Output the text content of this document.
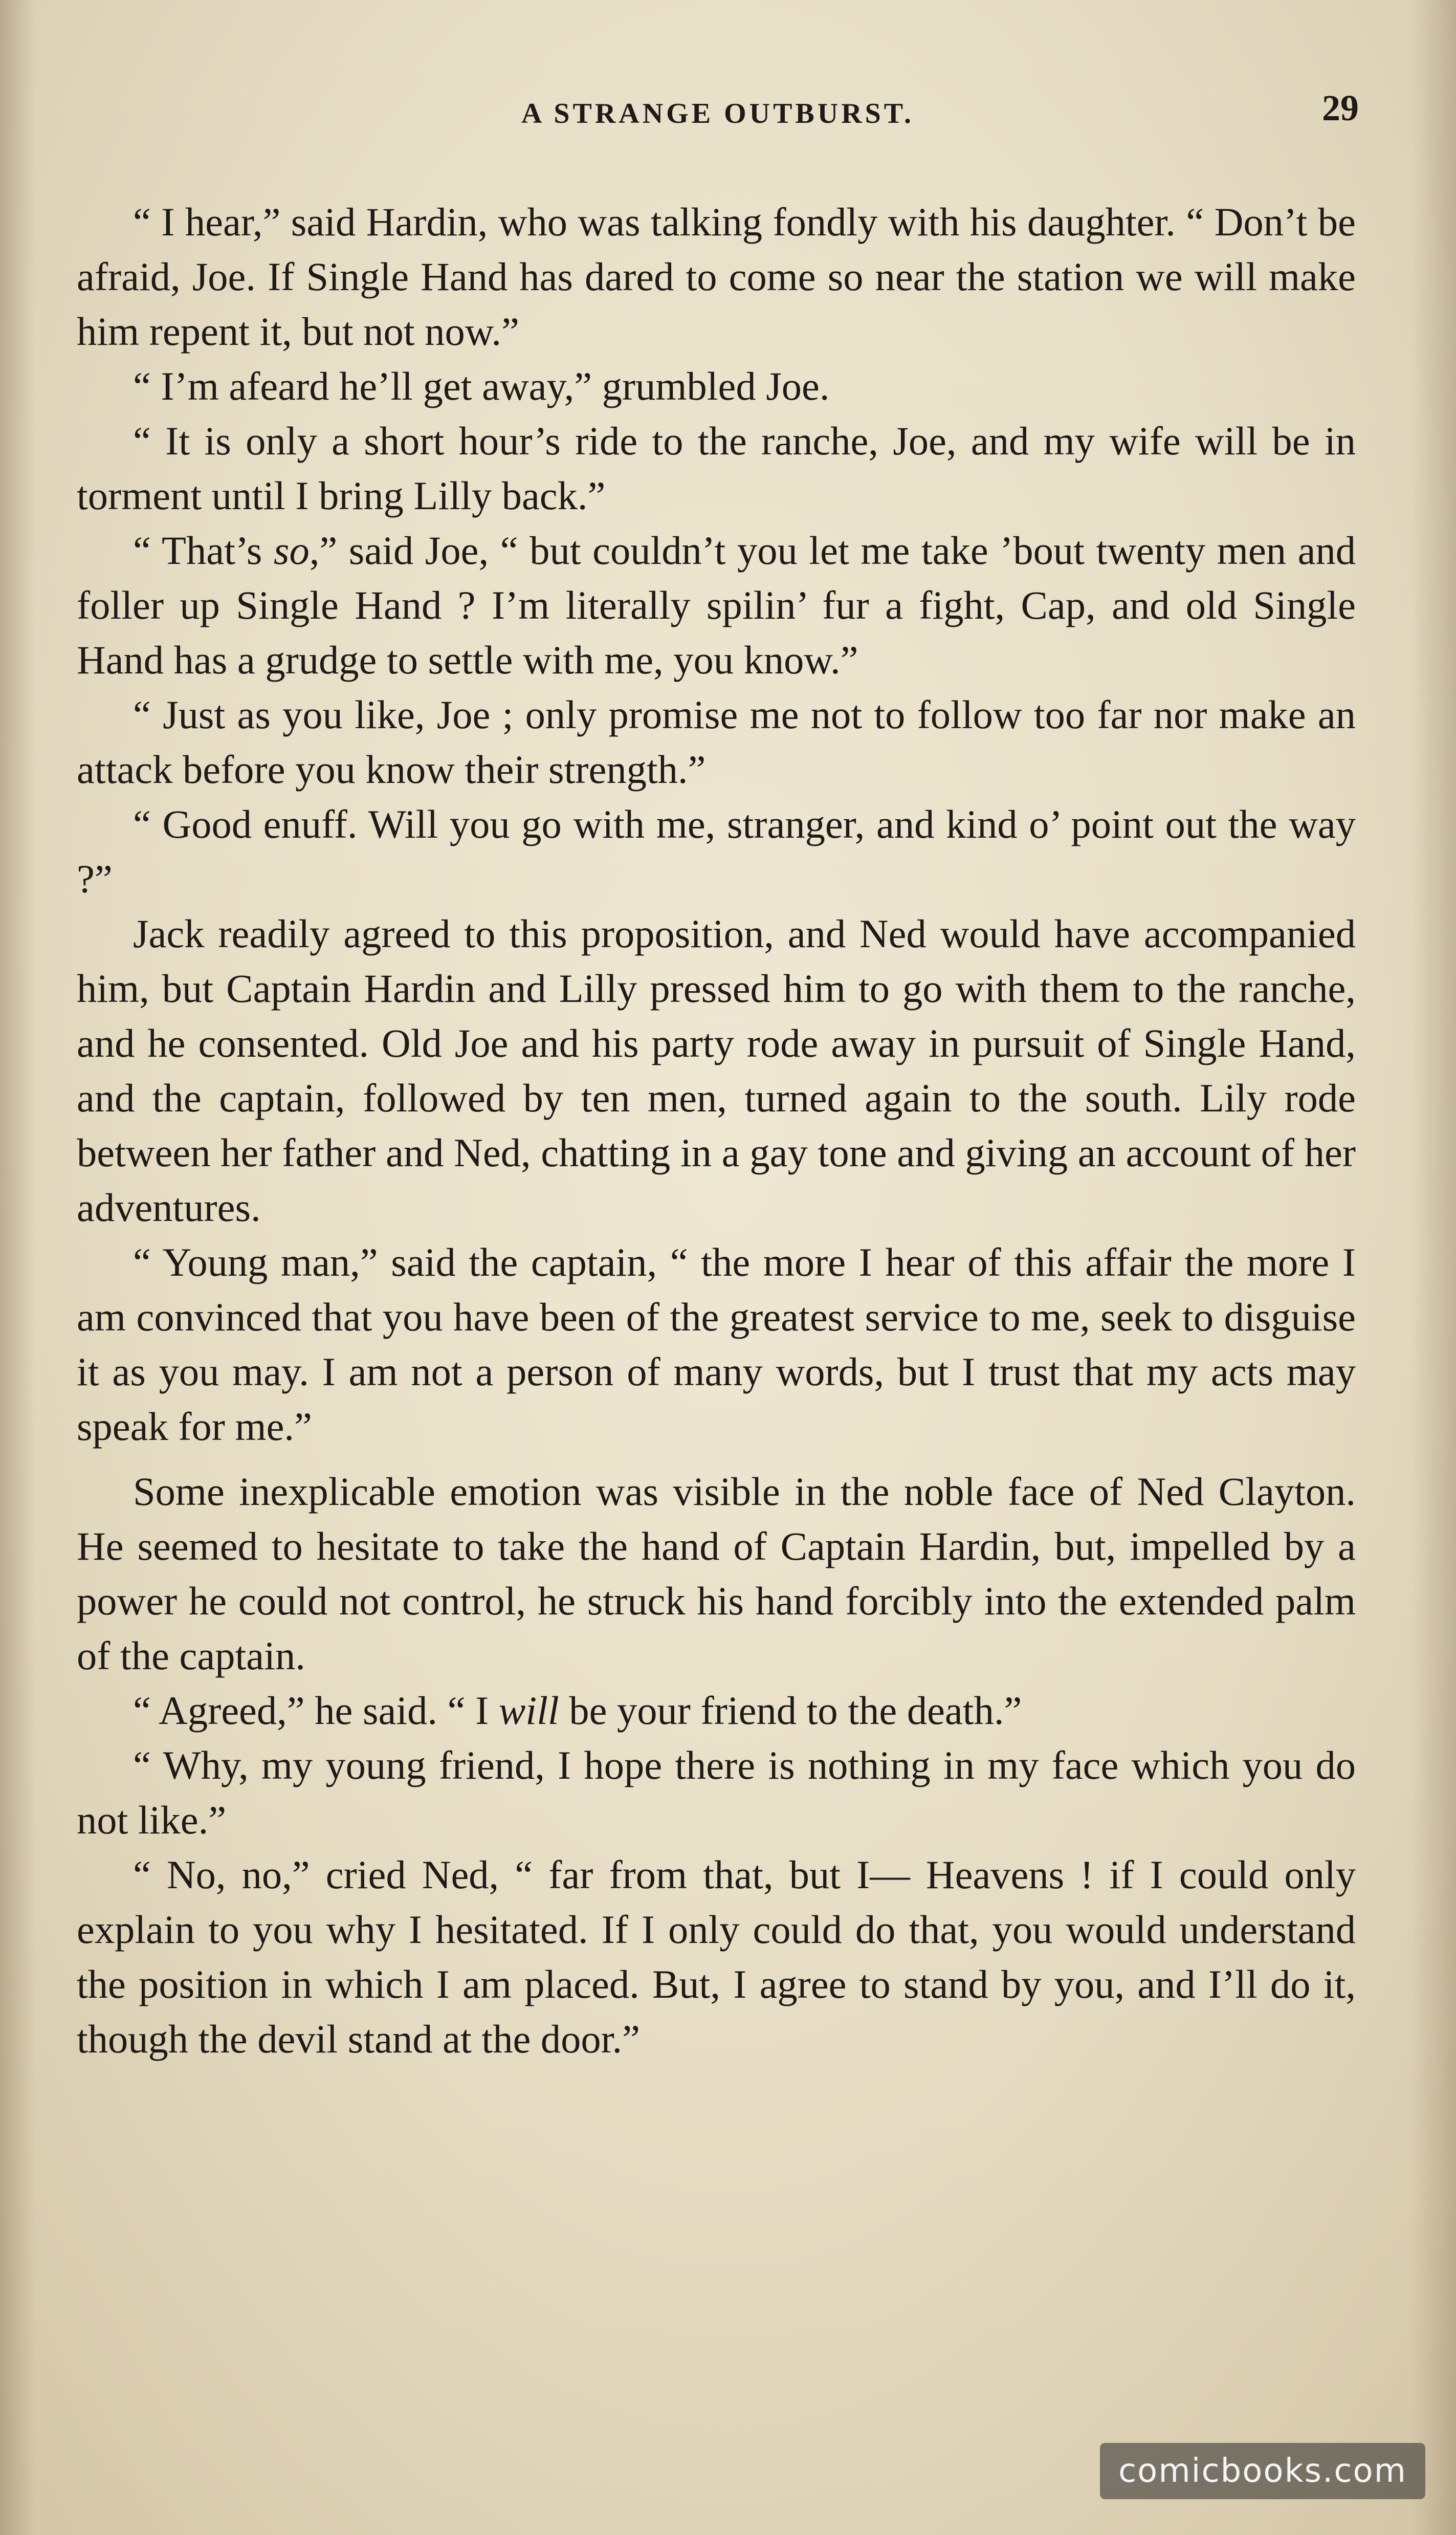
A STRANGE OUTBURST.	29

“ I hear,” said Hardin, who was talking fondly with his daughter. “ Don’t be afraid, Joe. If Single Hand has dared to come so near the station we will make him repent it, but not now.”

“ I’m afeard he’ll get away,” grumbled Joe.

“ It is only a short hour’s ride to the ranche, Joe, and my wife will be in torment until I bring Lilly back.”

“ That’s so,” said Joe, “ but couldn’t you let me take ’bout twenty men and foller up Single Hand ? I’m literally spilin’ fur a fight, Cap, and old Single Hand has a grudge to settle with me, you know.”

“ Just as you like, Joe ; only promise me not to follow too far nor make an attack before you know their strength.”

“ Good enuff. Will you go with me, stranger, and kind o’ point out the way ?”

Jack readily agreed to this proposition, and Ned would have accompanied him, but Captain Hardin and Lilly pressed him to go with them to the ranche, and he consented. Old Joe and his party rode away in pursuit of Single Hand, and the captain, followed by ten men, turned again to the south. Lily rode between her father and Ned, chatting in a gay tone and giving an account of her adventures.

“ Young man,” said the captain, “ the more I hear of this affair the more I am convinced that you have been of the greatest service to me, seek to disguise it as you may. I am not a person of many words, but I trust that my acts may speak for me.”

Some inexplicable emotion was visible in the noble face of Ned Clayton. He seemed to hesitate to take the hand of Captain Hardin, but, impelled by a power he could not control, he struck his hand forcibly into the extended palm of the captain.

“ Agreed,” he said. “ I will be your friend to the death.”

“ Why, my young friend, I hope there is nothing in my face which you do not like.”

“ No, no,” cried Ned, “ far from that, but I— Heavens ! if I could only explain to you why I hesitated. If I only could do that, you would understand the position in which I am placed. But, I agree to stand by you, and I’ll do it, though the devil stand at the door.”

comicbooks.com
